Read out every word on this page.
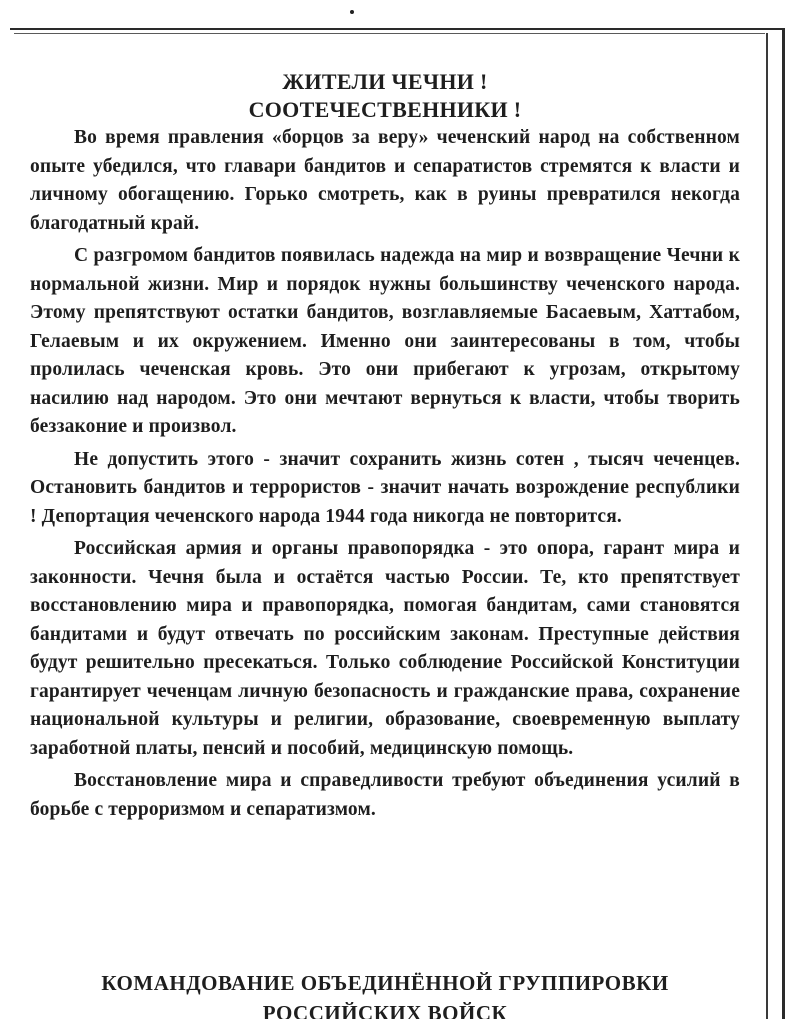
ЖИТЕЛИ ЧЕЧНИ !

СООТЕЧЕСТВЕННИКИ !

Во время правления «борцов за веру» чеченский народ на собственном опыте убедился, что главари бандитов и сепаратистов стремятся к власти и личному обогащению. Горько смотреть, как в руины превратился некогда благодатный край.

С разгромом бандитов появилась надежда на мир и возвращение Чечни к нормальной жизни. Мир и порядок нужны большинству чеченского народа. Этому препятствуют остатки бандитов, возглавляемые Басаевым, Хаттабом, Гелаевым и их окружением. Именно они заинтересованы в том, чтобы пролилась чеченская кровь. Это они прибегают к угрозам, открытому насилию над народом. Это они мечтают вернуться к власти, чтобы творить беззаконие и произвол.

Не допустить этого - значит сохранить жизнь сотен , тысяч чеченцев. Остановить бандитов и террористов - значит начать возрождение республики ! Депортация чеченского народа 1944 года никогда не повторится.

Российская армия и органы правопорядка - это опора, гарант мира и законности. Чечня была и остаётся частью России. Те, кто препятствует восстановлению мира и правопорядка, помогая бандитам, сами становятся бандитами и будут отвечать по российским законам. Преступные действия будут решительно пресекаться. Только соблюдение Российской Конституции гарантирует чеченцам личную безопасность и гражданские права, сохранение национальной культуры и религии, образование, своевременную выплату заработной платы, пенсий и пособий, медицинскую помощь.

Восстановление мира и справедливости требуют объединения усилий в борьбе с терроризмом и сепаратизмом.

КОМАНДОВАНИЕ ОБЪЕДИНЁННОЙ ГРУППИРОВКИ
РОССИЙСКИХ ВОЙСК
